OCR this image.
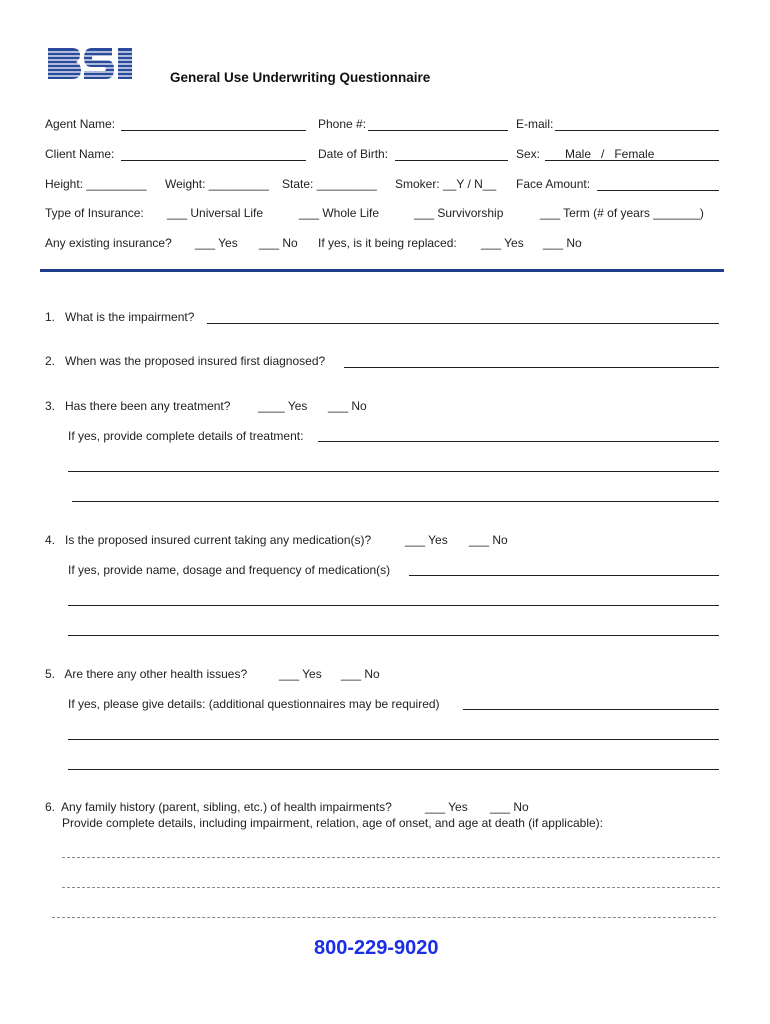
General Use Underwriting Questionnaire
Agent Name:	Phone #:	E-mail:
Client Name:	Date of Birth:	Sex: Male   /   Female
Height: _________ Weight: _________ State: _________ Smoker: __Y / N__ Face Amount:
Type of Insurance: ___ Universal Life	___ Whole Life	___ Survivorship	___ Term (# of years _______)
Any existing insurance? ___ Yes ___ No If yes, is it being replaced: ___ Yes ___ No
1.   What is the impairment?
2.   When was the proposed insured first diagnosed?
3.   Has there been any treatment? ____ Yes ___ No
If yes, provide complete details of treatment:
4.   Is the proposed insured current taking any medication(s)?	___ Yes ___ No
If yes, provide name, dosage and frequency of medication(s)
5.   Are there any other health issues?	___ Yes ___ No
If yes, please give details: (additional questionnaires may be required)
6.  Any family history (parent, sibling, etc.) of health impairments?	___ Yes ___ No
Provide complete details, including impairment, relation, age of onset, and age at death (if applicable):
800-229-9020
